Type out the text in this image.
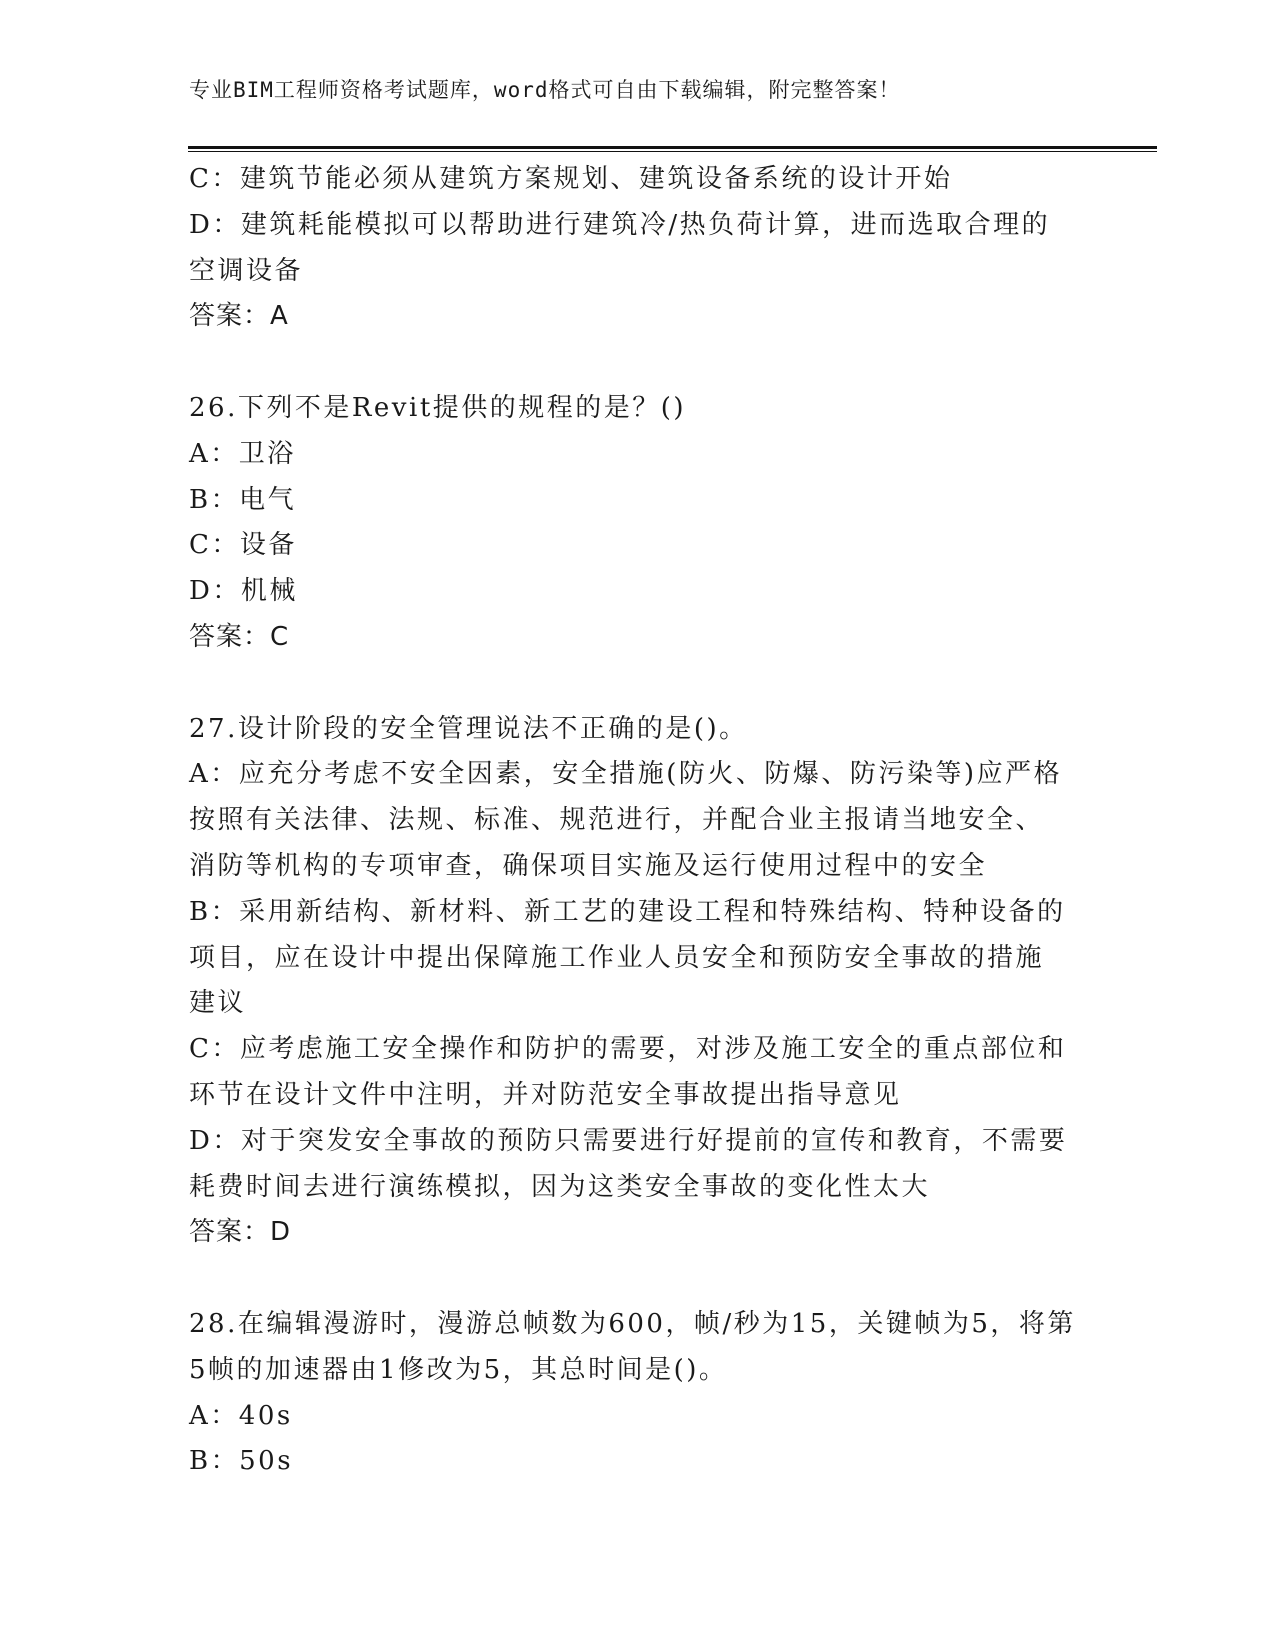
专业BIM工程师资格考试题库，word格式可自由下载编辑，附完整答案！
C：建筑节能必须从建筑方案规划、建筑设备系统的设计开始
D：建筑耗能模拟可以帮助进行建筑冷/热负荷计算，进而选取合理的
空调设备
答案：A
26.下列不是Revit提供的规程的是？()
A：卫浴
B：电气
C：设备
D：机械
答案：C
27.设计阶段的安全管理说法不正确的是()。
A：应充分考虑不安全因素，安全措施(防火、防爆、防污染等)应严格
按照有关法律、法规、标准、规范进行，并配合业主报请当地安全、
消防等机构的专项审查，确保项目实施及运行使用过程中的安全
B：采用新结构、新材料、新工艺的建设工程和特殊结构、特种设备的
项目，应在设计中提出保障施工作业人员安全和预防安全事故的措施
建议
C：应考虑施工安全操作和防护的需要，对涉及施工安全的重点部位和
环节在设计文件中注明，并对防范安全事故提出指导意见
D：对于突发安全事故的预防只需要进行好提前的宣传和教育，不需要
耗费时间去进行演练模拟，因为这类安全事故的变化性太大
答案：D
28.在编辑漫游时，漫游总帧数为600，帧/秒为15，关键帧为5，将第
5帧的加速器由1修改为5，其总时间是()。
A：40s
B：50s
